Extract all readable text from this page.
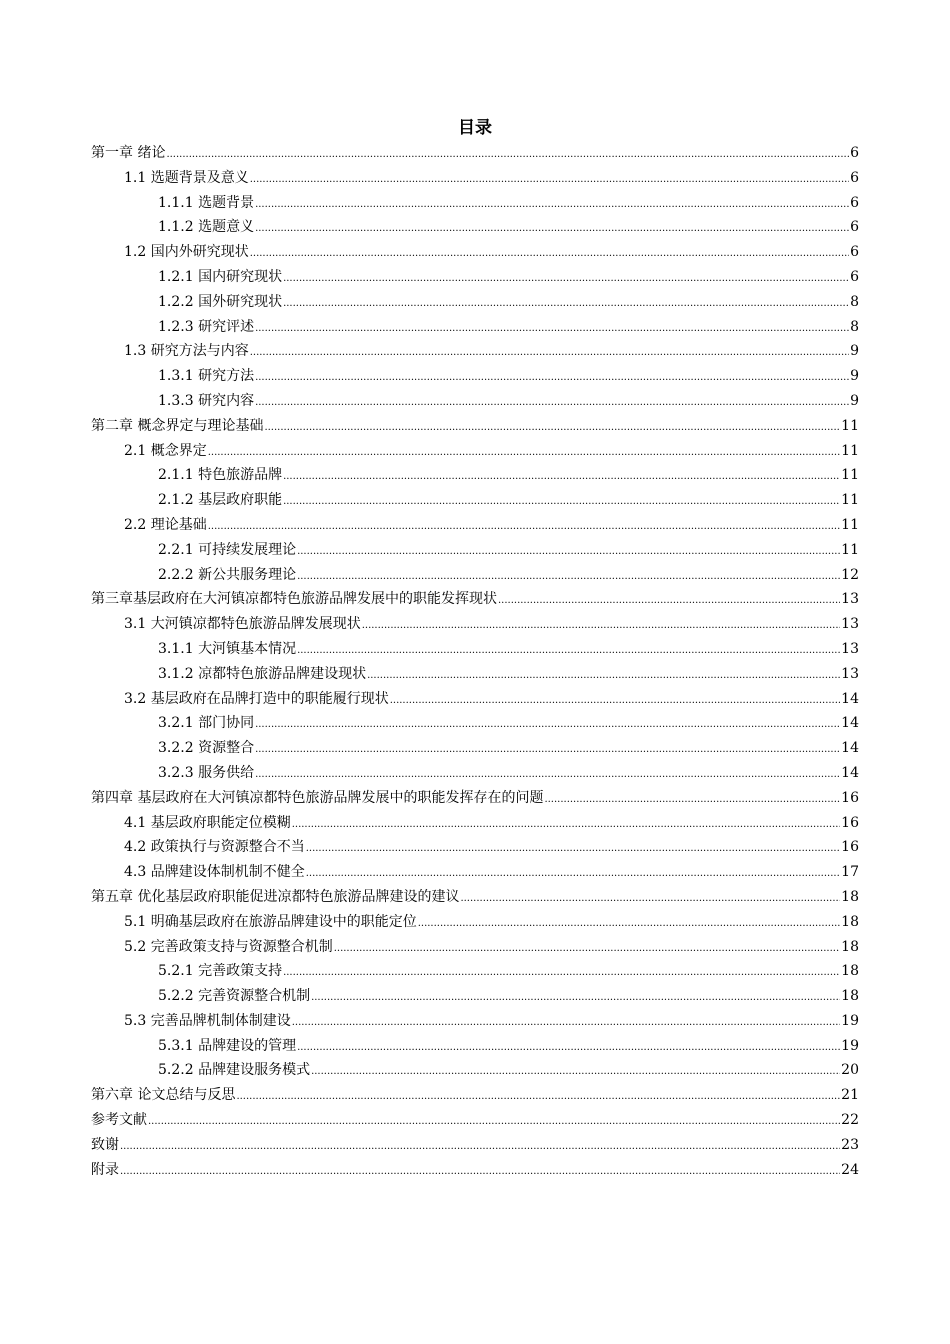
目录
第一章 绪论 .....	6
1.1 选题背景及意义 .....	6
1.1.1 选题背景 .....	6
1.1.2 选题意义 .....	6
1.2 国内外研究现状 .....	6
1.2.1 国内研究现状 .....	6
1.2.2 国外研究现状 .....	8
1.2.3 研究评述 .....	8
1.3 研究方法与内容 .....	9
1.3.1 研究方法 .....	9
1.3.3 研究内容 .....	9
第二章 概念界定与理论基础 .....	11
2.1 概念界定 .....	11
2.1.1 特色旅游品牌 .....	11
2.1.2 基层政府职能 .....	11
2.2 理论基础 .....	11
2.2.1 可持续发展理论 .....	11
2.2.2 新公共服务理论 .....	12
第三章基层政府在大河镇凉都特色旅游品牌发展中的职能发挥现状 .....	13
3.1 大河镇凉都特色旅游品牌发展现状 .....	13
3.1.1 大河镇基本情况 .....	13
3.1.2 凉都特色旅游品牌建设现状 .....	13
3.2 基层政府在品牌打造中的职能履行现状 .....	14
3.2.1 部门协同 .....	14
3.2.2 资源整合 .....	14
3.2.3 服务供给 .....	14
第四章 基层政府在大河镇凉都特色旅游品牌发展中的职能发挥存在的问题 .....	16
4.1 基层政府职能定位模糊 .....	16
4.2 政策执行与资源整合不当 .....	16
4.3 品牌建设体制机制不健全 .....	17
第五章 优化基层政府职能促进凉都特色旅游品牌建设的建议 .....	18
5.1 明确基层政府在旅游品牌建设中的职能定位 .....	18
5.2 完善政策支持与资源整合机制 .....	18
5.2.1 完善政策支持 .....	18
5.2.2 完善资源整合机制 .....	18
5.3 完善品牌机制体制建设 .....	19
5.3.1 品牌建设的管理 .....	19
5.2.2 品牌建设服务模式 .....	20
第六章 论文总结与反思 .....	21
参考文献 .....	22
致谢 .....	23
附录 .....	24
